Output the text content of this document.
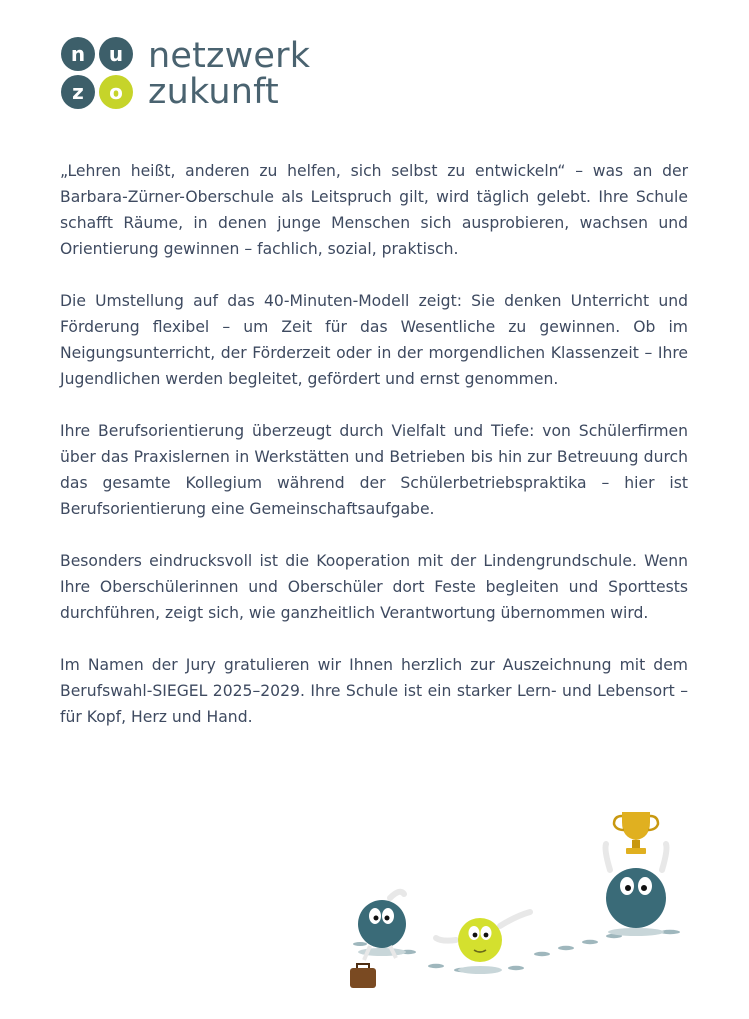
n u
z o
netzwerk
zukunft

„Lehren heißt, anderen zu helfen, sich selbst zu entwickeln“ – was an der Barbara-Zürner-Oberschule als Leitspruch gilt, wird täglich gelebt. Ihre Schule schafft Räume, in denen junge Menschen sich ausprobieren, wachsen und Orientierung gewinnen – fachlich, sozial, praktisch.

Die Umstellung auf das 40-Minuten-Modell zeigt: Sie denken Unterricht und Förderung flexibel – um Zeit für das Wesentliche zu gewinnen. Ob im Neigungsunterricht, der Förderzeit oder in der morgendlichen Klassenzeit – Ihre Jugendlichen werden begleitet, gefördert und ernst genommen.

Ihre Berufsorientierung überzeugt durch Vielfalt und Tiefe: von Schülerfirmen über das Praxislernen in Werkstätten und Betrieben bis hin zur Betreuung durch das gesamte Kollegium während der Schülerbetriebspraktika – hier ist Berufsorientierung eine Gemeinschaftsaufgabe.

Besonders eindrucksvoll ist die Kooperation mit der Lindengrundschule. Wenn Ihre Oberschülerinnen und Oberschüler dort Feste begleiten und Sporttests durchführen, zeigt sich, wie ganzheitlich Verantwortung übernommen wird.

Im Namen der Jury gratulieren wir Ihnen herzlich zur Auszeichnung mit dem Berufswahl-SIEGEL 2025–2029. Ihre Schule ist ein starker Lern- und Lebensort – für Kopf, Herz und Hand.
